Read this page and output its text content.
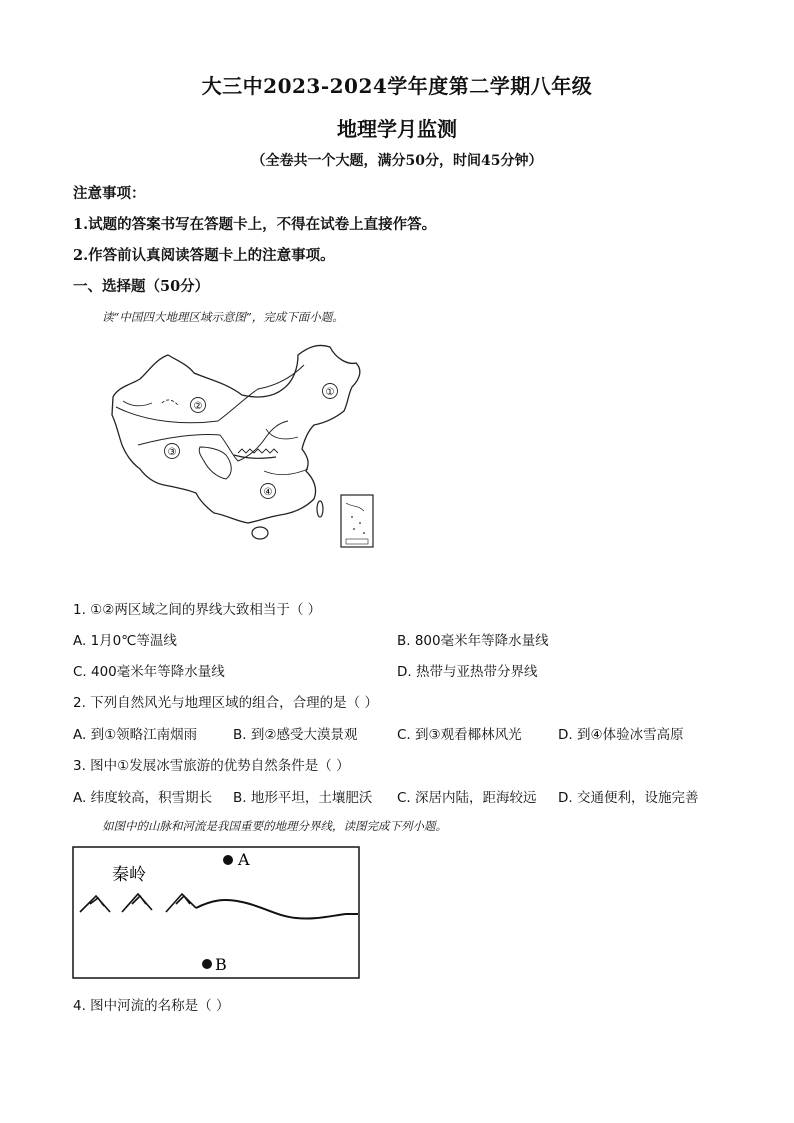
大三中2023-2024学年度第二学期八年级
地理学月监测
（全卷共一个大题，满分50分，时间45分钟）
注意事项：
1.试题的答案书写在答题卡上，不得在试卷上直接作答。
2.作答前认真阅读答题卡上的注意事项。
一、选择题（50分）
读“中国四大地理区域示意图”，完成下面小题。
①
②
③
④
1. ①②两区域之间的界线大致相当于（ ）
A. 1月0℃等温线	B. 800毫米年等降水量线
C. 400毫米年等降水量线	D. 热带与亚热带分界线
2. 下列自然风光与地理区域的组合，合理的是（ ）
A. 到①领略江南烟雨	B. 到②感受大漠景观	C. 到③观看椰林风光	D. 到④体验冰雪高原
3. 图中①发展冰雪旅游的优势自然条件是（ ）
A. 纬度较高，积雪期长 B. 地形平坦，土壤肥沃 C. 深居内陆，距海较远 D. 交通便利，设施完善
如图中的山脉和河流是我国重要的地理分界线，读图完成下列小题。
秦岭
A
B
4. 图中河流的名称是（ ）
